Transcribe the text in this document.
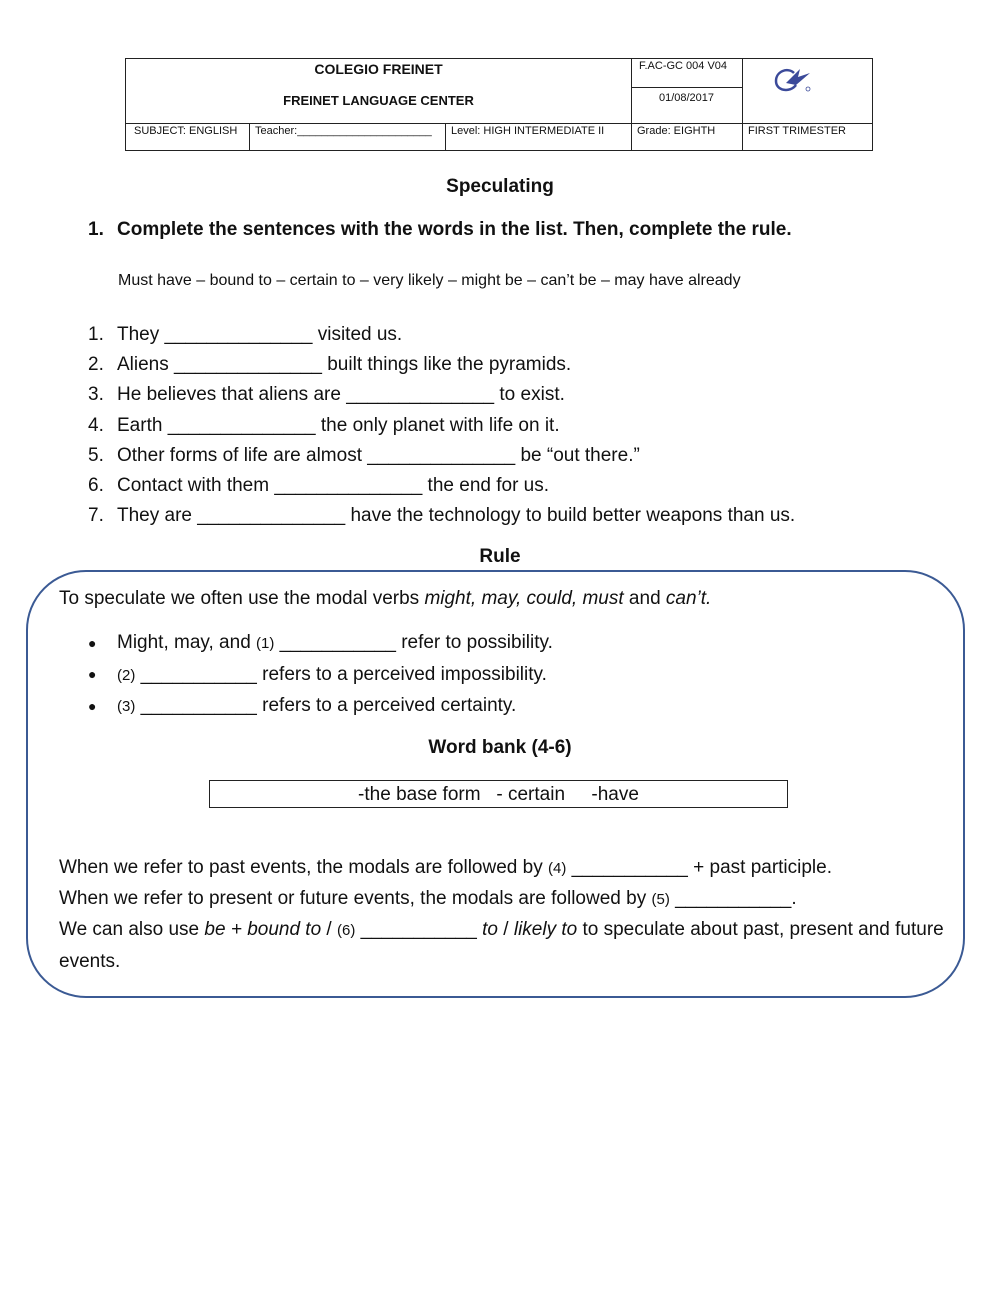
COLEGIO FREINET
FREINET LANGUAGE CENTER
F.AC-GC 004 V04
01/08/2017
SUBJECT: ENGLISH Teacher:______________________ Level: HIGH INTERMEDIATE II	Grade: EIGHTH	FIRST TRIMESTER
Speculating
1. Complete the sentences with the words in the list. Then, complete the rule.
Must have – bound to – certain to – very likely – might be – can’t be – may have already
1. They ______________ visited us.
2. Aliens ______________ built things like the pyramids.
3. He believes that aliens are ______________ to exist.
4. Earth ______________ the only planet with life on it.
5. Other forms of life are almost ______________ be “out there.”
6. Contact with them ______________ the end for us.
7. They are ______________ have the technology to build better weapons than us.
Rule
To speculate we often use the modal verbs might, may, could, must and can’t.
● Might, may, and (1) ___________ refer to possibility.
● (2) ___________ refers to a perceived impossibility.
● (3) ___________ refers to a perceived certainty.
Word bank (4-6)
-the base form   - certain     -have

When we refer to past events, the modals are followed by (4) ___________ + past participle.

When we refer to present or future events, the modals are followed by (5) ___________.

We can also use be + bound to / (6) ___________ to / likely to to speculate about past, present and future events.
